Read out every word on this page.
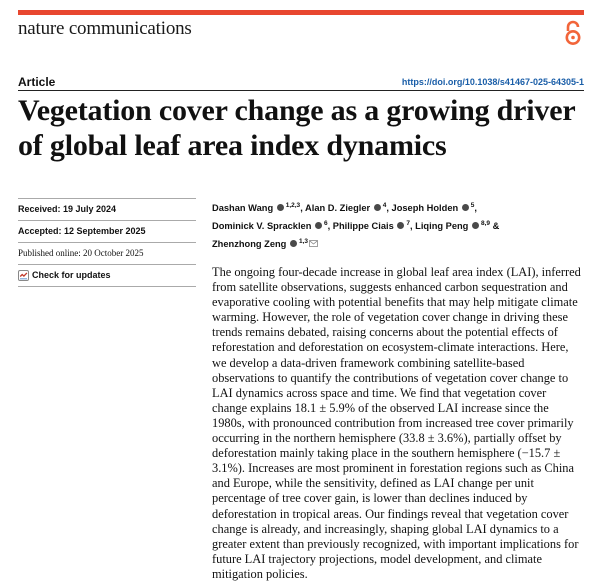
nature communications
Article	https://doi.org/10.1038/s41467-025-64305-1
Vegetation cover change as a growing driver of global leaf area index dynamics
Received: 19 July 2024
Accepted: 12 September 2025
Published online: 20 October 2025
Check for updates
Dashan Wang $^{1,2,3}$, Alan D. Ziegler $^4$, Joseph Holden $^5$,
Dominick V. Spracklen $^6$, Philippe Ciais $^7$, Liqing Peng $^{8,9}$ &
Zhenzhong Zeng $^{1,3}$

The ongoing four-decade increase in global leaf area index (LAI), inferred from satellite observations, suggests enhanced carbon sequestration and evaporative cooling with potential benefits that may help mitigate climate warming. However, the role of vegetation cover change in driving these trends remains debated, raising concerns about the potential effects of reforestation and deforestation on ecosystem-climate interactions. Here, we develop a data-driven framework combining satellite-based observations to quantify the contributions of vegetation cover change to LAI dynamics across space and time. We find that vegetation cover change explains 18.1 ± 5.9% of the observed LAI increase since the 1980s, with pronounced contribution from increased tree cover primarily occurring in the northern hemisphere (33.8 ± 3.6%), partially offset by deforestation mainly taking place in the southern hemisphere (−15.7 ± 3.1%). Increases are most prominent in forestation regions such as China and Europe, while the sensitivity, defined as LAI change per unit percentage of tree cover gain, is lower than declines induced by deforestation in tropical areas. Our findings reveal that vegetation cover change is already, and increasingly, shaping global LAI dynamics to a greater extent than previously recognized, with important implications for future LAI trajectory projections, model development, and climate mitigation policies.
